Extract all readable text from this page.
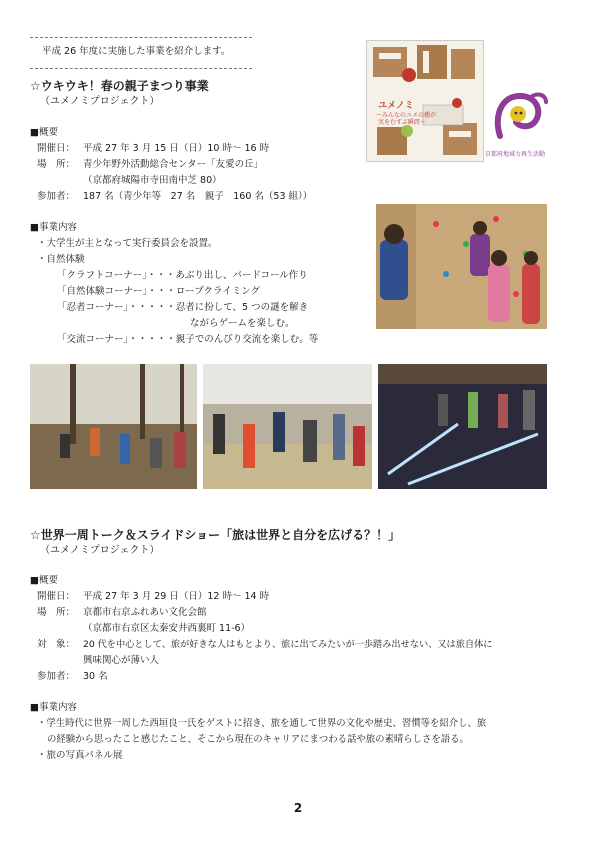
平成 26 年度に実施した事業を紹介します。
☆ウキウキ！春の親子まつり事業
（ユメノミプロジェクト）
■概要
開催日： 平成 27 年 3 月 15 日（日）10 時～ 16 時
場　所： 青少年野外活動総合センター「友愛の丘」
（京都府城陽市寺田南中芝 80）
参加者： 187 名（青少年等　27 名　親子　160 名（53 組））
■事業内容
・大学生が主となって実行委員会を設置。
・自然体験
「クラフトコーナー」・・・あぶり出し、バードコール作り
「自然体験コーナー」・・・ロープクライミング
「忍者コーナー」・・・・・忍者に扮して、5 つの謎を解き
ながらゲームを楽しむ。
「交流コーナー」・・・・・親子でのんびり交流を楽しむ。等
ユメノミ
～みんなのユメの種が
実をむすぶ瞬間～
京都府地域力再生活動
☆世界一周トーク＆スライドショー「旅は世界と自分を広げる？！」
（ユメノミプロジェクト）
■概要
開催日： 平成 27 年 3 月 29 日（日）12 時～ 14 時
場　所： 京都市右京ふれあい文化会館
（京都市右京区太秦安井西裏町 11-6）
対　象： 20 代を中心として、旅が好きな人はもとより、旅に出てみたいが一歩踏み出せない、又は旅自体に
興味関心が薄い人
参加者： 30 名
■事業内容
・学生時代に世界一周した西垣良一氏をゲストに招き、旅を通して世界の文化や歴史、習慣等を紹介し、旅
の経験から思ったこと感じたこと、そこから現在のキャリアにまつわる話や旅の素晴らしさを語る。
・旅の写真パネル展
2
